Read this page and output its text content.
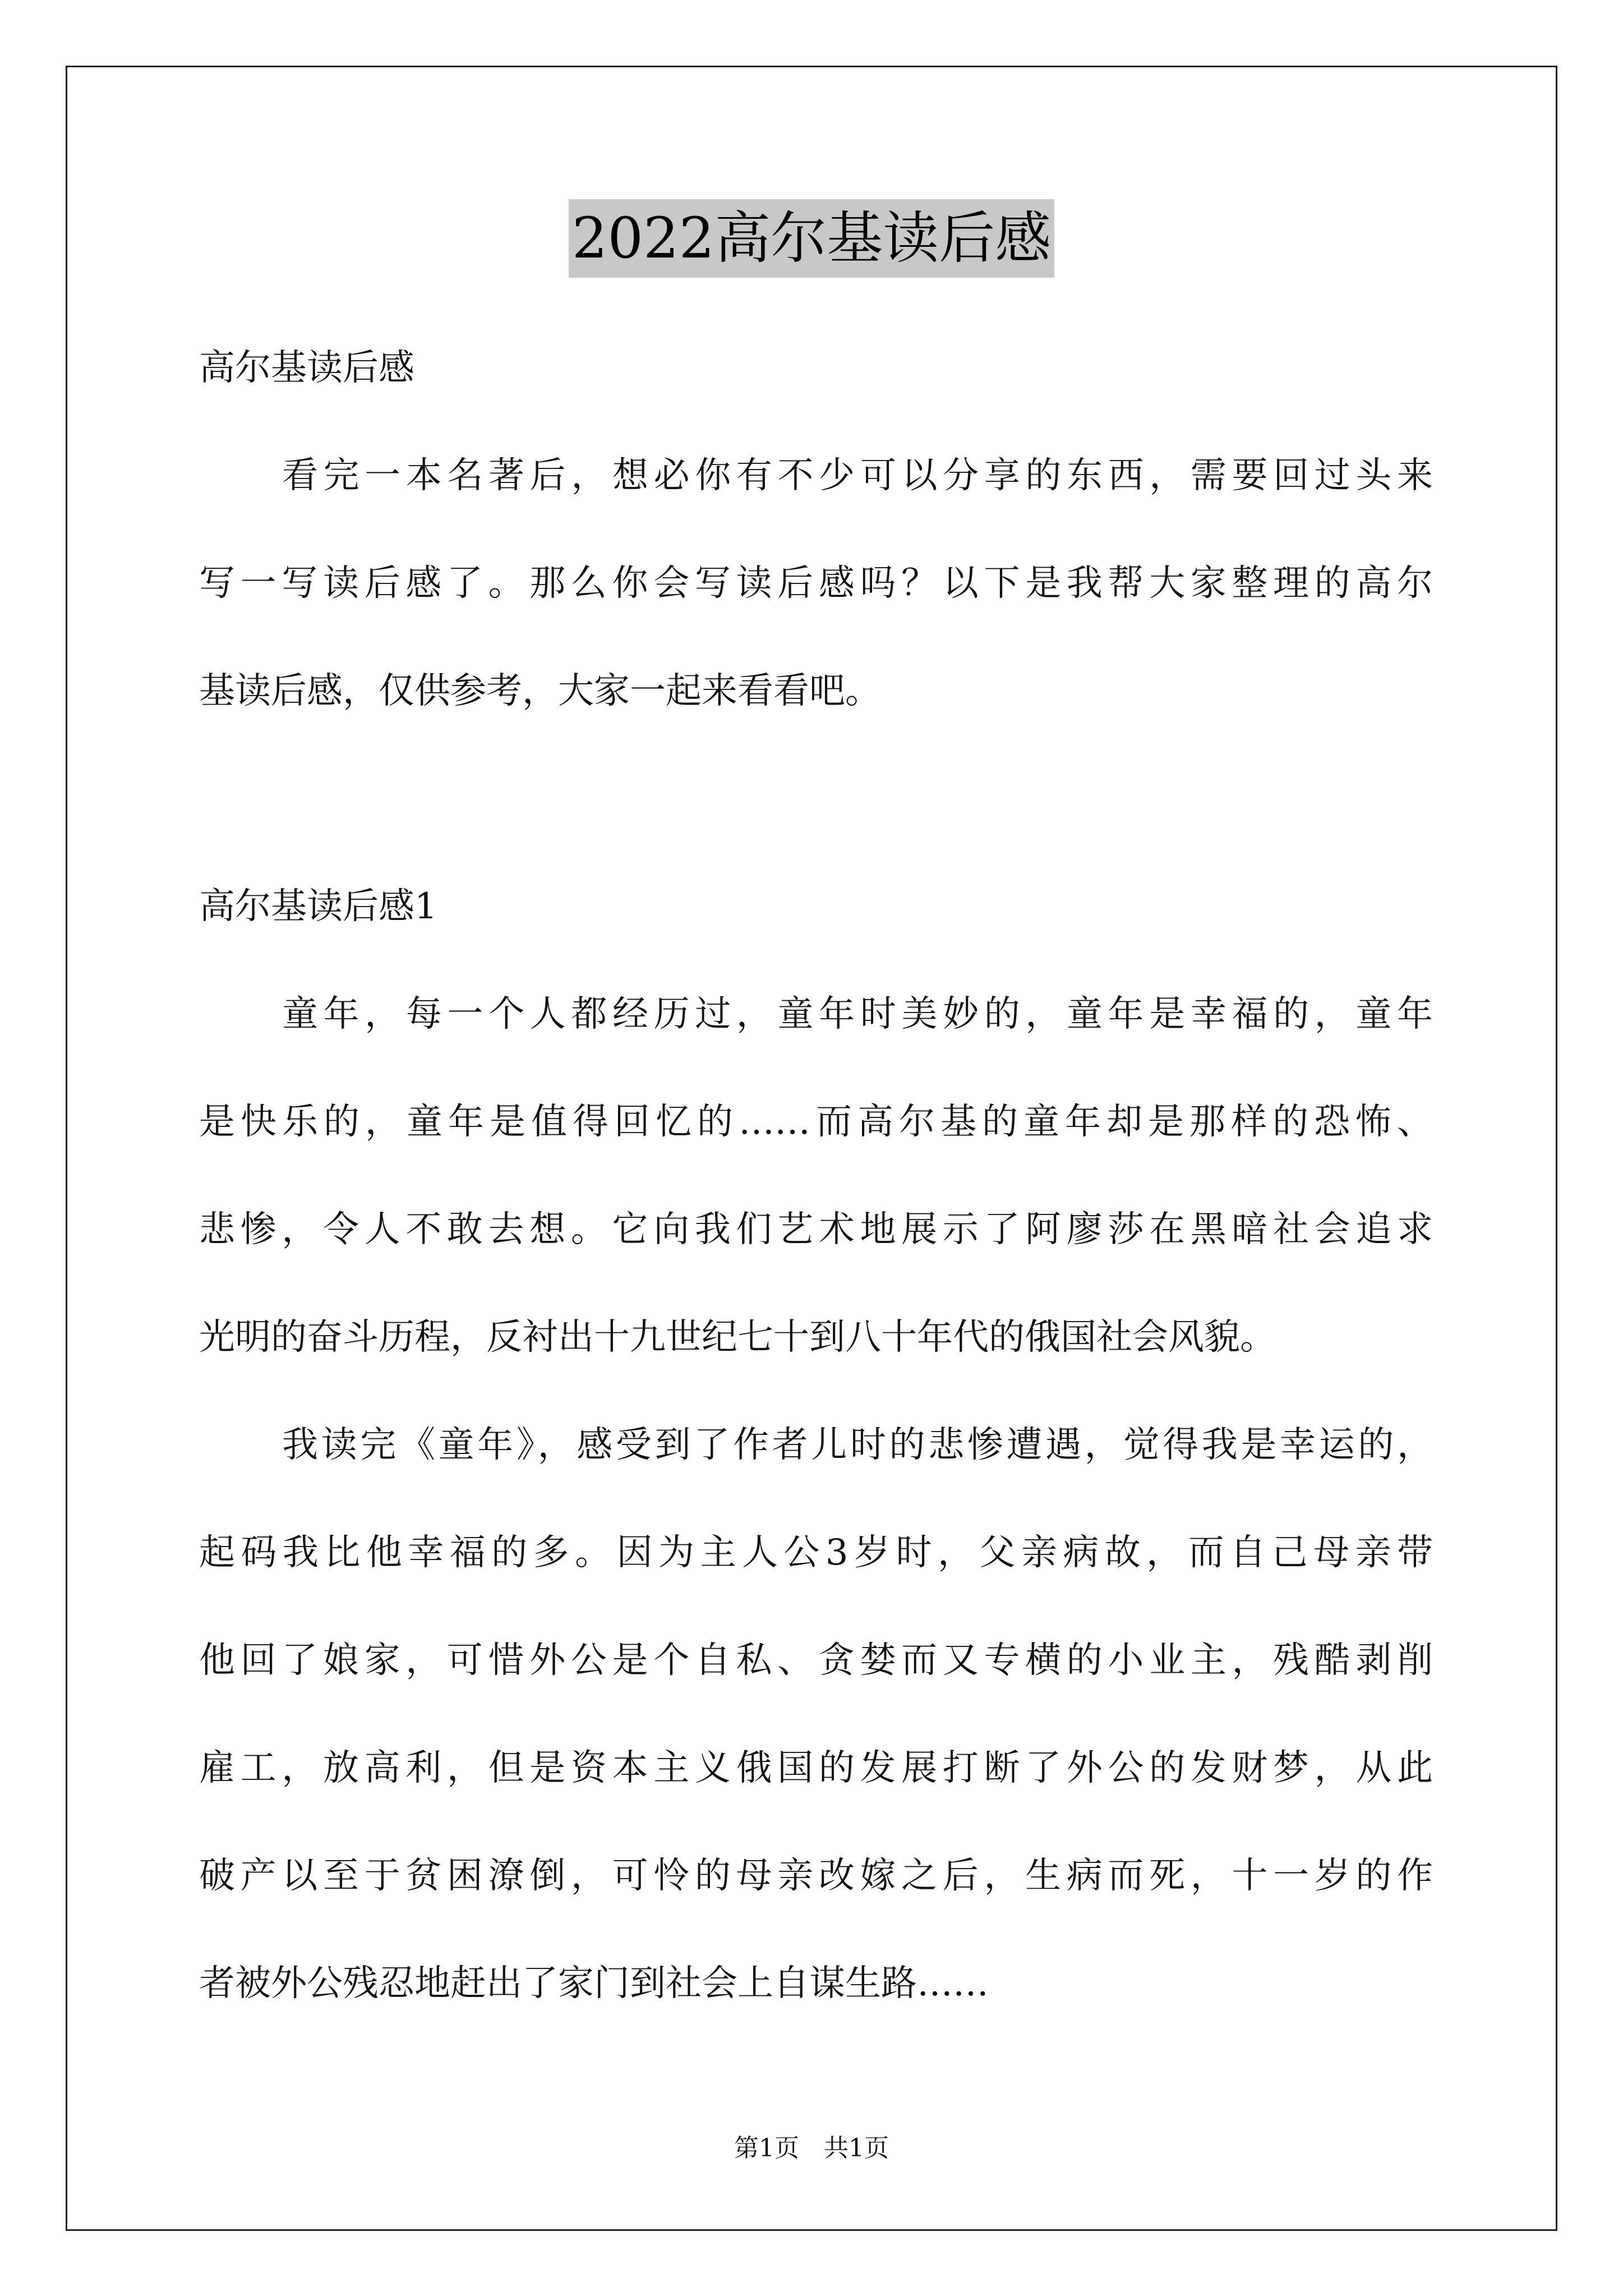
2022高尔基读后感

高尔基读后感

看完一本名著后，想必你有不少可以分享的东西，需要回过头来

写一写读后感了。那么你会写读后感吗？以下是我帮大家整理的高尔

基读后感，仅供参考，大家一起来看看吧。

高尔基读后感1

童年，每一个人都经历过，童年时美妙的，童年是幸福的，童年

是快乐的，童年是值得回忆的……而高尔基的童年却是那样的恐怖、

悲惨，令人不敢去想。它向我们艺术地展示了阿廖莎在黑暗社会追求

光明的奋斗历程，反衬出十九世纪七十到八十年代的俄国社会风貌。

我读完《童年》，感受到了作者儿时的悲惨遭遇，觉得我是幸运的，

起码我比他幸福的多。因为主人公3岁时，父亲病故，而自己母亲带

他回了娘家，可惜外公是个自私、贪婪而又专横的小业主，残酷剥削

雇工，放高利，但是资本主义俄国的发展打断了外公的发财梦，从此

破产以至于贫困潦倒，可怜的母亲改嫁之后，生病而死，十一岁的作

者被外公残忍地赶出了家门到社会上自谋生路……

第1页　共1页
